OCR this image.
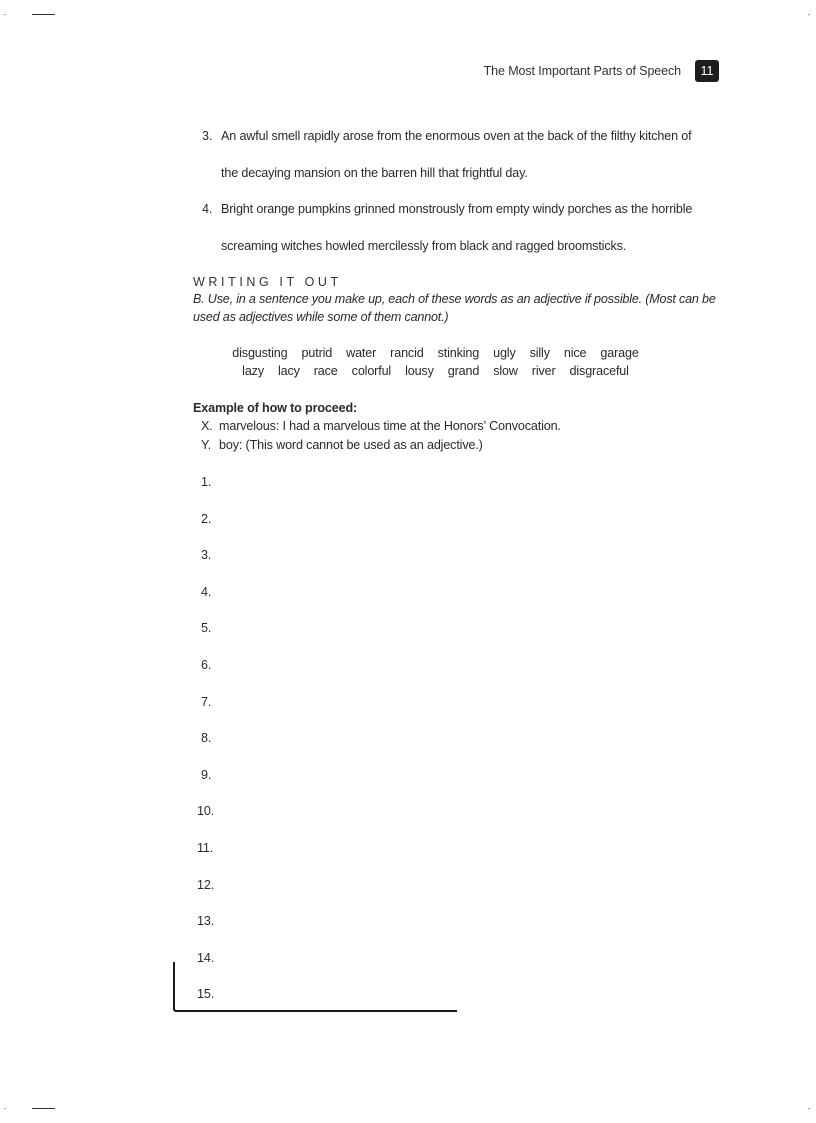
The Most Important Parts of Speech	11
3. An awful smell rapidly arose from the enormous oven at the back of the filthy kitchen of
the decaying mansion on the barren hill that frightful day.
4. Bright orange pumpkins grinned monstrously from empty windy porches as the horrible
screaming witches howled mercilessly from black and ragged broomsticks.
WRITING IT OUT
B. Use, in a sentence you make up, each of these words as an adjective if possible. (Most can be used as adjectives while some of them cannot.)
disgusting putrid water rancid stinking ugly silly nice garage
lazy lacy race colorful lousy grand slow river disgraceful
Example of how to proceed:
X. marvelous: I had a marvelous time at the Honors’ Convocation.
Y. boy: (This word cannot be used as an adjective.)
1.
2.
3.
4.
5.
6.
7.
8.
9.
10.
11.
12.
13.
14.
15.
